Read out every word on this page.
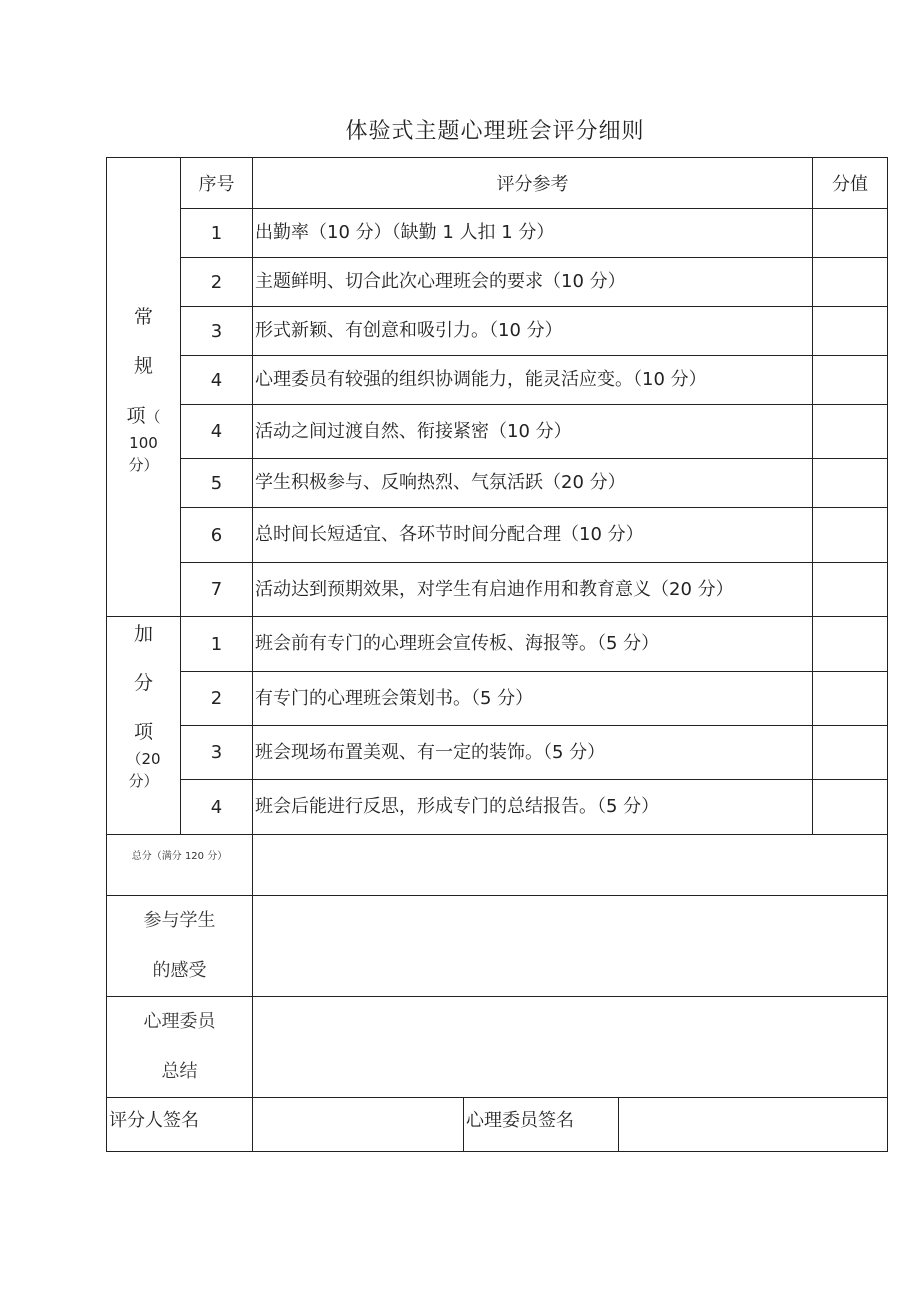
体验式主题心理班会评分细则
常
规
项（
100
分）	序号	评分参考			分值
	1	出勤率（10 分）（缺勤 1 人扣 1 分）			
	2	主题鲜明、切合此次心理班会的要求（10 分）			
	3	形式新颖、有创意和吸引力。（10 分）			
	4	心理委员有较强的组织协调能力，能灵活应变。（10 分）			
	4	活动之间过渡自然、衔接紧密（10 分）			
	5	学生积极参与、反响热烈、气氛活跃（20 分）			
	6	总时间长短适宜、各环节时间分配合理（10 分）			
	7	活动达到预期效果，对学生有启迪作用和教育意义（20 分）			

加
分
项
（20
分）	1	班会前有专门的心理班会宣传板、海报等。（5 分）			
	2	有专门的心理班会策划书。（5 分）			
	3	班会现场布置美观、有一定的装饰。（5 分）			
	4	班会后能进行反思，形成专门的总结报告。（5 分）			
总分（满分 120 分）					

参与学生
的感受					

心理委员
总结					

评分人签名			心理委员签名		
